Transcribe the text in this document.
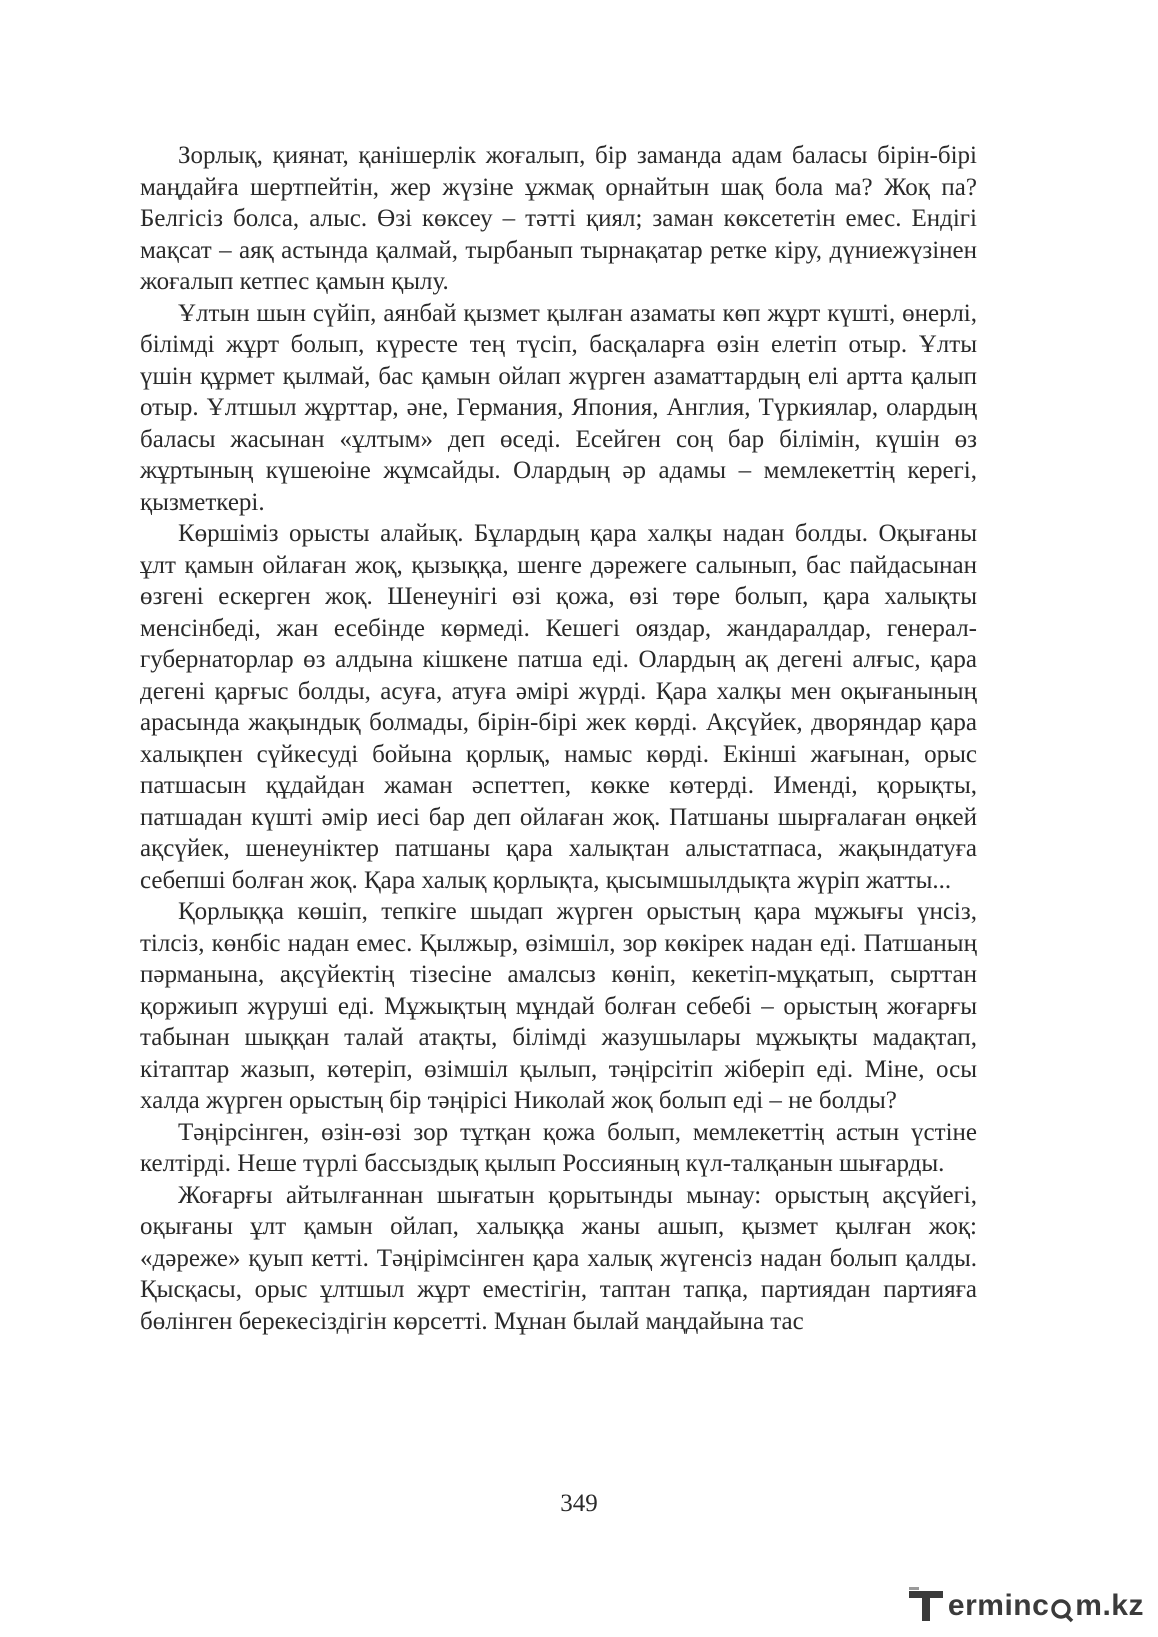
Зорлық, қиянат, қанішерлік жоғалып, бір заманда адам баласы бірін-бірі маңдайға шертпейтін, жер жүзіне ұжмақ орнайтын шақ бола ма? Жоқ па? Белгісіз болса, алыс. Өзі көксеу – тәтті қиял; заман көксететін емес. Ендігі мақсат – аяқ астында қалмай, тырбанып тырнақатар ретке кіру, дүниежүзінен жоғалып кетпес қамын қылу.

Ұлтын шын сүйіп, аянбай қызмет қылған азаматы көп жұрт күшті, өнерлі, білімді жұрт болып, күресте тең түсіп, басқаларға өзін елетіп отыр. Ұлты үшін құрмет қылмай, бас қамын ойлап жүрген азаматтардың елі артта қалып отыр. Ұлтшыл жұрттар, әне, Германия, Япония, Англия, Түркиялар, олардың баласы жасынан «ұлтым» деп өседі. Есейген соң бар білімін, күшін өз жұртының күшеюіне жұмсайды. Олардың әр адамы – мемлекеттің керегі, қызметкері.

Көршіміз орысты алайық. Бұлардың қара халқы надан болды. Оқығаны ұлт қамын ойлаған жоқ, қызыққа, шенге дәрежеге салынып, бас пайдасынан өзгені ескерген жоқ. Шенеунігі өзі қожа, өзі төре болып, қара халықты менсінбеді, жан есебінде көрмеді. Кешегі ояздар, жандаралдар, генерал-губернаторлар өз алдына кішкене патша еді. Олардың ақ дегені алғыс, қара дегені қарғыс болды, асуға, атуға әмірі жүрді. Қара халқы мен оқығанының арасында жақындық болмады, бірін-бірі жек көрді. Ақсүйек, дворяндар қара халықпен сүйкесуді бойына қорлық, намыс көрді. Екінші жағынан, орыс патшасын құдайдан жаман әспеттеп, көкке көтерді. Имендi, қорықты, патшадан күшті әмір иесі бар деп ойлаған жоқ. Патшаны шырғалаған өңкей ақсүйек, шенеуніктер патшаны қара халықтан алыстатпаса, жақындатуға себепші болған жоқ. Қара халық қорлықта, қысымшылдықта жүріп жатты...

Қорлыққа көшіп, тепкіге шыдап жүрген орыстың қара мұжығы үнсіз, тілсіз, көнбіс надан емес. Қылжыр, өзімшіл, зор көкірек надан еді. Патшаның пәрманына, ақсүйектің тізесіне амалсыз көніп, кекетіп-мұқатып, сырттан қоржиып жүруші еді. Мұжықтың мұндай болған себебі – орыстың жоғарғы табынан шыққан талай атақты, білімді жазушылары мұжықты мадақтап, кітаптар жазып, көтеріп, өзімшіл қылып, тәңірсітіп жіберіп еді. Міне, осы халда жүрген орыстың бір тәңірісі Николай жоқ болып еді – не болды?

Тәңірсінген, өзін-өзі зор тұтқан қожа болып, мемлекеттің астын үстіне келтірді. Неше түрлі бассыздық қылып Россияның күл-талқанын шығарды.

Жоғарғы айтылғаннан шығатын қорытынды мынау: орыстың ақсүйегі, оқығаны ұлт қамын ойлап, халыққа жаны ашып, қызмет қылған жоқ: «дәреже» қуып кетті. Тәңірімсінген қара халық жүгенсіз надан болып қалды. Қысқасы, орыс ұлтшыл жұрт еместігін, таптан тапқа, партиядан партияға бөлінген берекесіздігін көрсетті. Мұнан былай маңдайына тас

349
erminc m.kz
